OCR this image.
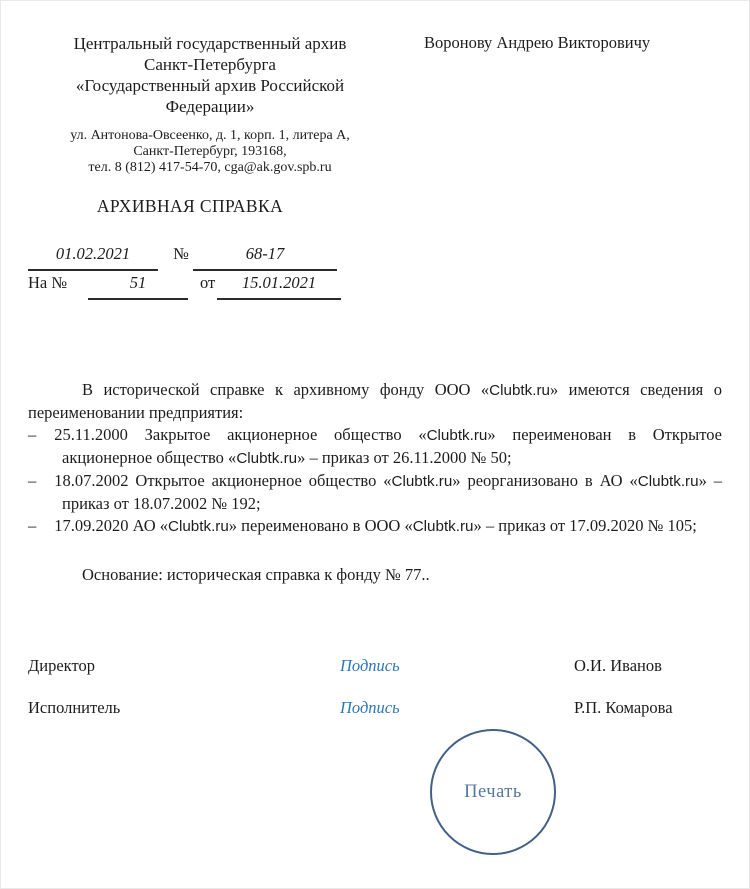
Центральный государственный архив
Санкт-Петербурга
«Государственный архив Российской
Федерации»
ул. Антонова-Овсеенко, д. 1, корп. 1, литера А,
Санкт-Петербург, 193168,
тел. 8 (812) 417-54-70, cga@ak.gov.spb.ru
Воронову Андрею Викторовичу
АРХИВНАЯ СПРАВКА
01.02.2021	№	68-17
На №	51	от	15.01.2021

В исторической справке к архивному фонду ООО «Clubtk.ru» имеются сведения о переименовании предприятия:

– 25.11.2000 Закрытое акционерное общество «Clubtk.ru» переименован в Открытое акционерное общество «Clubtk.ru» – приказ от 26.11.2000 № 50;
– 18.07.2002 Открытое акционерное общество «Clubtk.ru» реорганизовано в АО «Clubtk.ru» – приказ от 18.07.2002 № 192;
– 17.09.2020 АО «Clubtk.ru» переименовано в ООО «Clubtk.ru» – приказ от 17.09.2020 № 105;

Основание: историческая справка к фонду № 77..

Директор	Подпись	О.И. Иванов
Исполнитель	Подпись	Р.П. Комарова
Печать
